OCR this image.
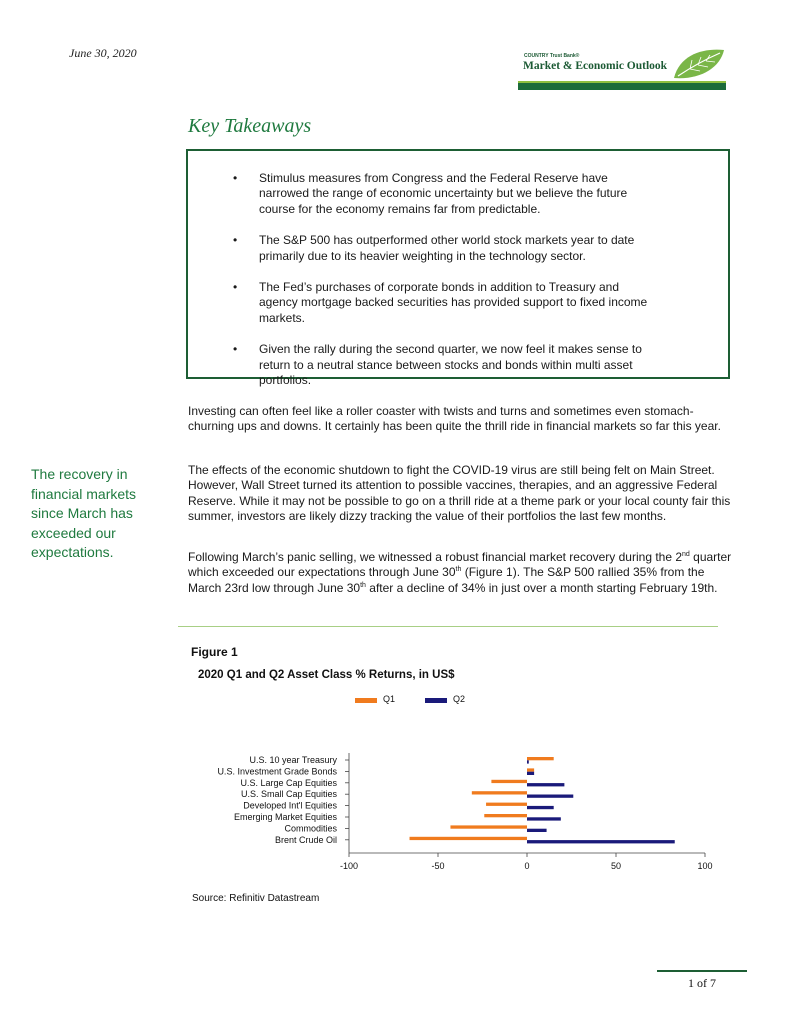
June 30, 2020	COUNTRY Trust Bank®
Market & Economic Outlook
Key Takeaways
• Stimulus measures from Congress and the Federal Reserve have narrowed the range of economic uncertainty but we believe the future course for the economy remains far from predictable.
• The S&P 500 has outperformed other world stock markets year to date primarily due to its heavier weighting in the technology sector.
• The Fed’s purchases of corporate bonds in addition to Treasury and agency mortgage backed securities has provided support to fixed income markets.
• Given the rally during the second quarter, we now feel it makes sense to return to a neutral stance between stocks and bonds within multi asset portfolios.
Investing can often feel like a roller coaster with twists and turns and sometimes even stomach-churning ups and downs. It certainly has been quite the thrill ride in financial markets so far this year.
The effects of the economic shutdown to fight the COVID-19 virus are still being felt on Main Street. However, Wall Street turned its attention to possible vaccines, therapies, and an aggressive Federal Reserve. While it may not be possible to go on a thrill ride at a theme park or your local county fair this summer, investors are likely dizzy tracking the value of their portfolios the last few months.
Following March’s panic selling, we witnessed a robust financial market recovery during the 2nd quarter which exceeded our expectations through June 30th (Figure 1). The S&P 500 rallied 35% from the March 23rd low through June 30th after a decline of 34% in just over a month starting February 19th.
The recovery in financial markets since March has exceeded our expectations.
Figure 1
2020 Q1 and Q2 Asset Class % Returns, in US$
Q1	Q2
U.S. 10 year Treasury
U.S. Investment Grade Bonds
U.S. Large Cap Equities
U.S. Small Cap Equities
Developed Int'l Equities
Emerging Market Equities
Commodities
Brent Crude Oil
-100	-50	0	50	100
Source: Refinitiv Datastream
1 of 7
